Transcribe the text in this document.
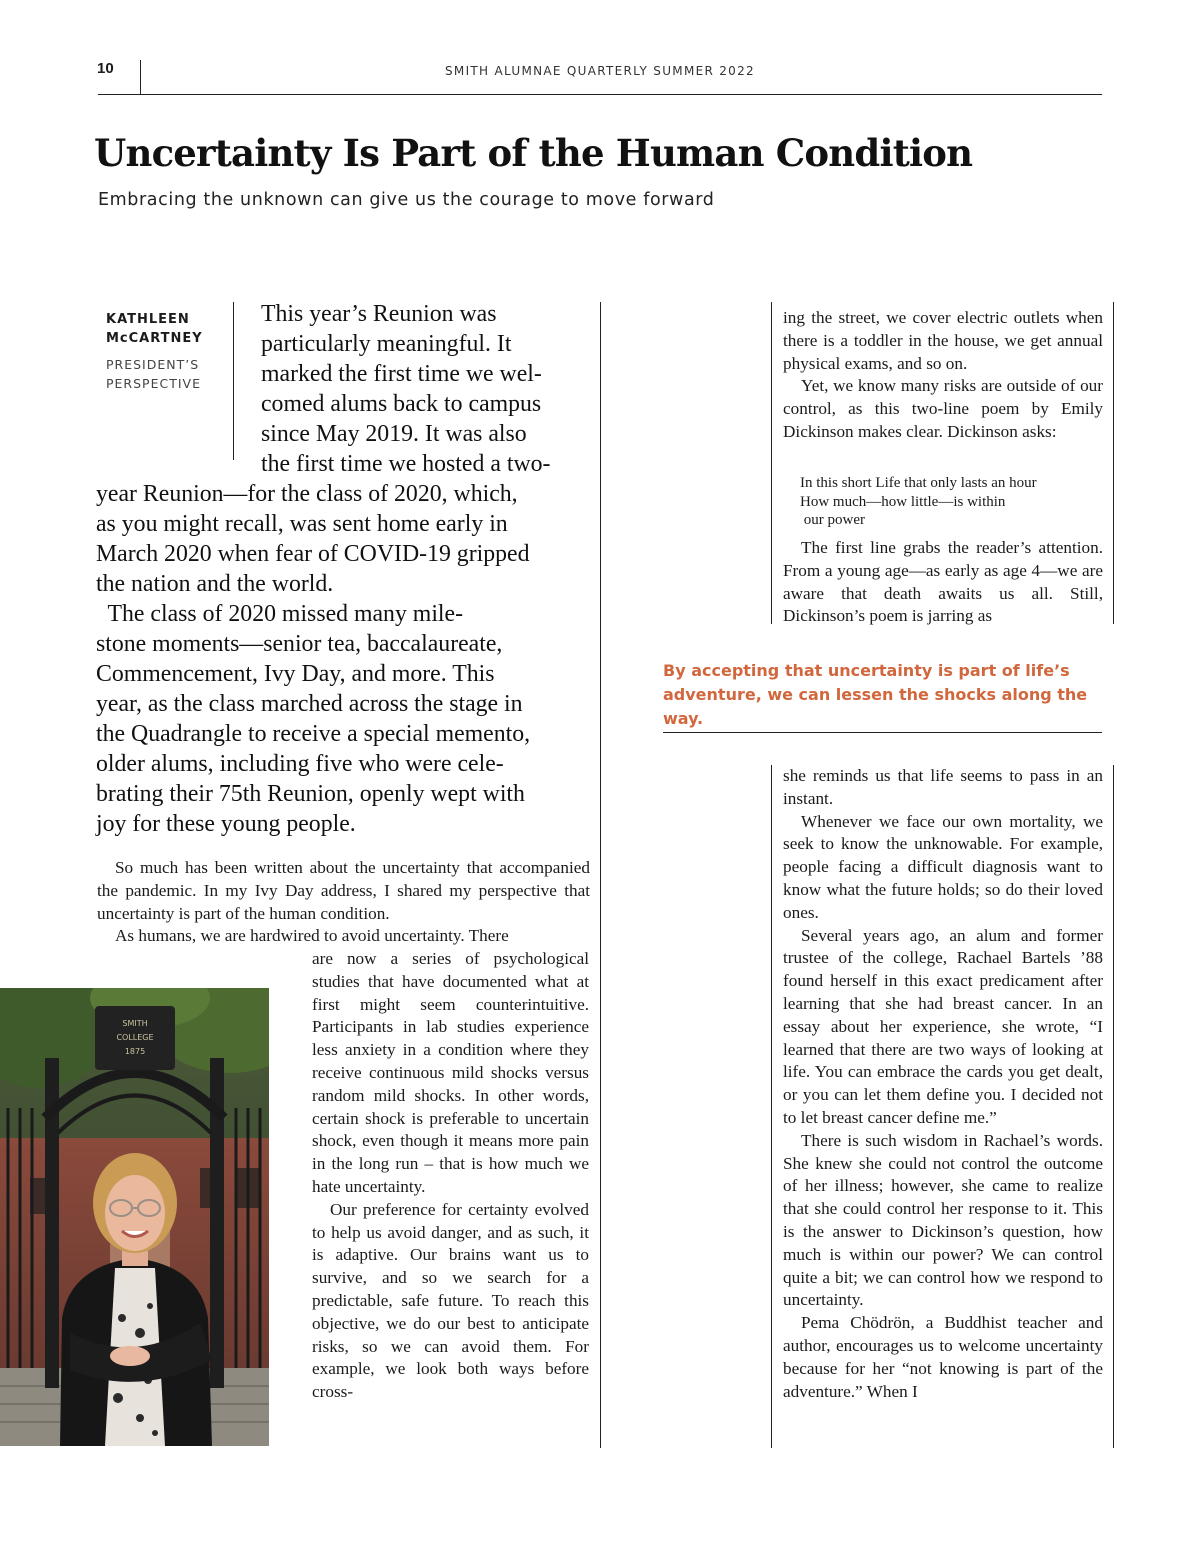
10	SMITH ALUMNAE QUARTERLY SUMMER 2022
Uncertainty Is Part of the Human Condition
Embracing the unknown can give us the courage to move forward
KATHLEEN
McCARTNEY
PRESIDENT’S
PERSPECTIVE
This year’s Reunion was
particularly meaningful. It
marked the first time we wel-
comed alums back to campus
since May 2019. It was also
the first time we hosted a two-
year Reunion—for the class of 2020, which,
as you might recall, was sent home early in
March 2020 when fear of COVID-19 gripped
the nation and the world.
The class of 2020 missed many mile-
stone moments—senior tea, baccalaureate,
Commencement, Ivy Day, and more. This
year, as the class marched across the stage in
the Quadrangle to receive a special memento,
older alums, including five who were cele-
brating their 75th Reunion, openly wept with
joy for these young people.

So much has been written about the uncertainty that accompanied the pandemic. In my Ivy Day address, I shared my perspective that uncertainty is part of the human condition.

As humans, we are hardwired to avoid uncertainty. There

are now a series of psychological studies that have documented what at first might seem counterintuitive. Participants in lab studies experience less anxiety in a condition where they receive continuous mild shocks versus random mild shocks. In other words, certain shock is preferable to uncertain shock, even though it means more pain in the long run – that is how much we hate uncertainty.

Our preference for certainty evolved to help us avoid danger, and as such, it is adaptive. Our brains want us to survive, and so we search for a predictable, safe future. To reach this objective, we do our best to anticipate risks, so we can avoid them. For example, we look both ways before cross-

SMITH
COLLEGE
1875

ing the street, we cover electric outlets when there is a toddler in the house, we get annual physical exams, and so on.

Yet, we know many risks are outside of our control, as this two-line poem by Emily Dickinson makes clear. Dickinson asks:

In this short Life that only lasts an hour
How much—how little—is within
our power

The first line grabs the reader’s attention. From a young age—as early as age 4—we are aware that death awaits us all. Still, Dickinson’s poem is jarring as

By accepting that uncertainty is part of life’s adventure, we can lessen the shocks along the way.

she reminds us that life seems to pass in an instant.

Whenever we face our own mortality, we seek to know the unknowable. For example, people facing a difficult diagnosis want to know what the future holds; so do their loved ones.

Several years ago, an alum and former trustee of the college, Rachael Bartels ’88 found herself in this exact predicament after learning that she had breast cancer. In an essay about her experience, she wrote, “I learned that there are two ways of looking at life. You can embrace the cards you get dealt, or you can let them define you. I decided not to let breast cancer define me.”

There is such wisdom in Rachael’s words. She knew she could not control the outcome of her illness; however, she came to realize that she could control her response to it. This is the answer to Dickinson’s question, how much is within our power? We can control quite a bit; we can control how we respond to uncertainty.

Pema Chödrön, a Buddhist teacher and author, encourages us to welcome uncertainty because for her “not knowing is part of the adventure.” When I
